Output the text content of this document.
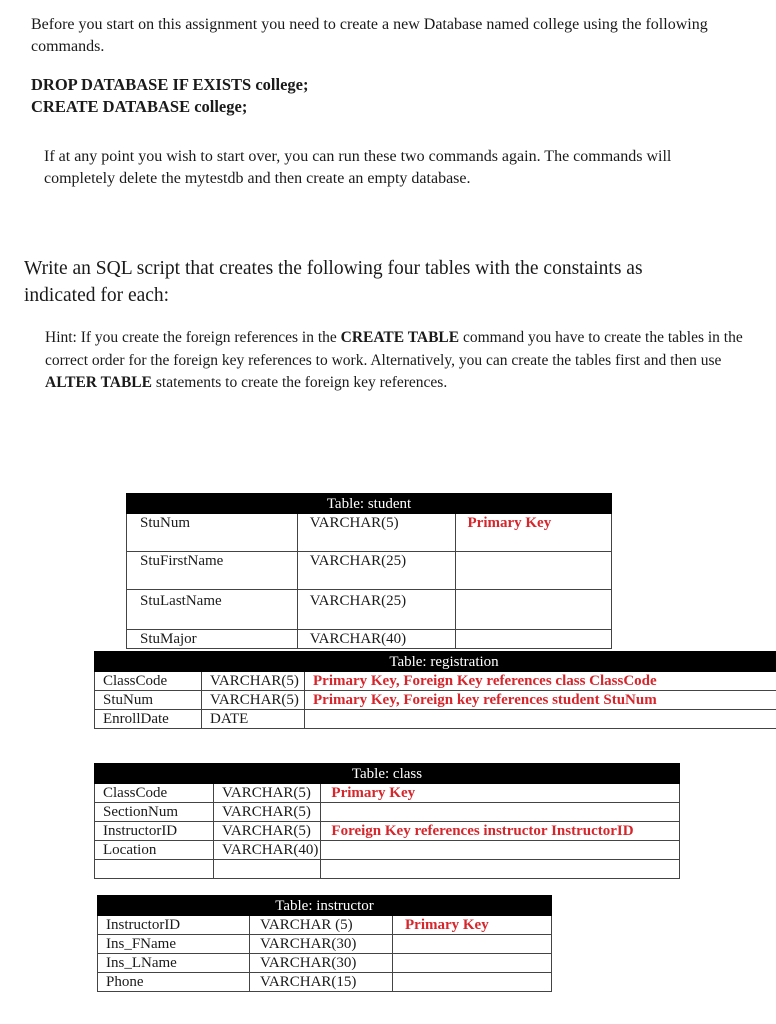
Before you start on this assignment you need to create a new Database named college using the following commands.
DROP DATABASE IF EXISTS college;
CREATE DATABASE college;
If at any point you wish to start over, you can run these two commands again. The commands will completely delete the mytestdb and then create an empty database.
Write an SQL script that creates the following four tables with the constaints as indicated for each:
Hint: If you create the foreign references in the CREATE TABLE command you have to create the tables in the correct order for the foreign key references to work. Alternatively, you can create the tables first and then use ALTER TABLE statements to create the foreign key references.
Table: student		
StuNum	VARCHAR(5)	Primary Key
StuFirstName	VARCHAR(25)	
StuLastName	VARCHAR(25)	
StuMajor	VARCHAR(40)	
Table: registration		
ClassCode	VARCHAR(5)	Primary Key, Foreign Key references class ClassCode
StuNum	VARCHAR(5)	Primary Key, Foreign key references student StuNum
EnrollDate	DATE	
Table: class		
ClassCode	VARCHAR(5)	Primary Key
SectionNum	VARCHAR(5)	
InstructorID	VARCHAR(5)	Foreign Key references instructor InstructorID
Location	VARCHAR(40)	

Table: instructor		
InstructorID	VARCHAR (5)	Primary Key
Ins_FName	VARCHAR(30)	
Ins_LName	VARCHAR(30)	
Phone	VARCHAR(15)	
